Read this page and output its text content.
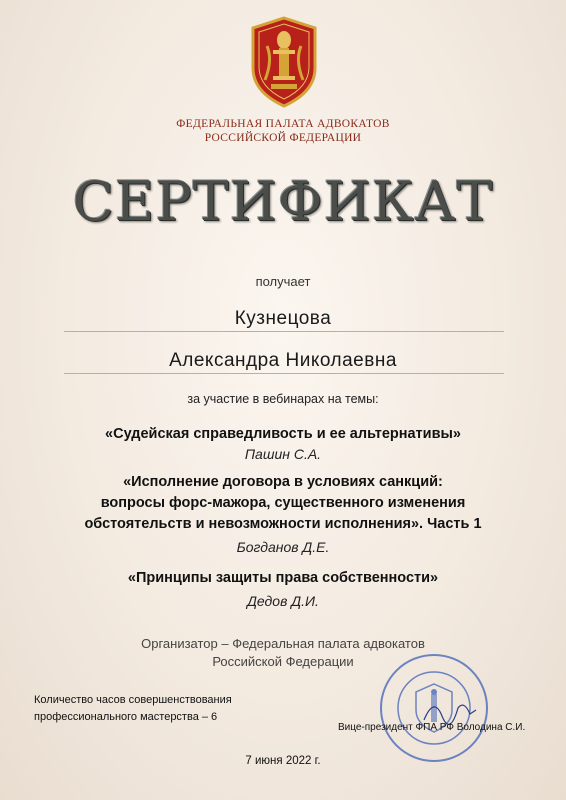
ФЕДЕРАЛЬНАЯ ПАЛАТА АДВОКАТОВ
РОССИЙСКОЙ ФЕДЕРАЦИИ
СЕРТИФИКАТ
получает
Кузнецова
Александра Николаевна
за участие в вебинарах на темы:
«Судейская справедливость и ее альтернативы»
Пашин С.А.
«Исполнение договора в условиях санкций:
вопросы форс-мажора, существенного изменения
обстоятельств и невозможности исполнения». Часть 1
Богданов Д.Е.
«Принципы защиты права собственности»
Дедов Д.И.
Организатор – Федеральная палата адвокатов
Российской Федерации
Количество часов совершенствования
профессионального мастерства – 6
Вице-президент ФПА РФ Володина С.И.
7 июня 2022 г.
